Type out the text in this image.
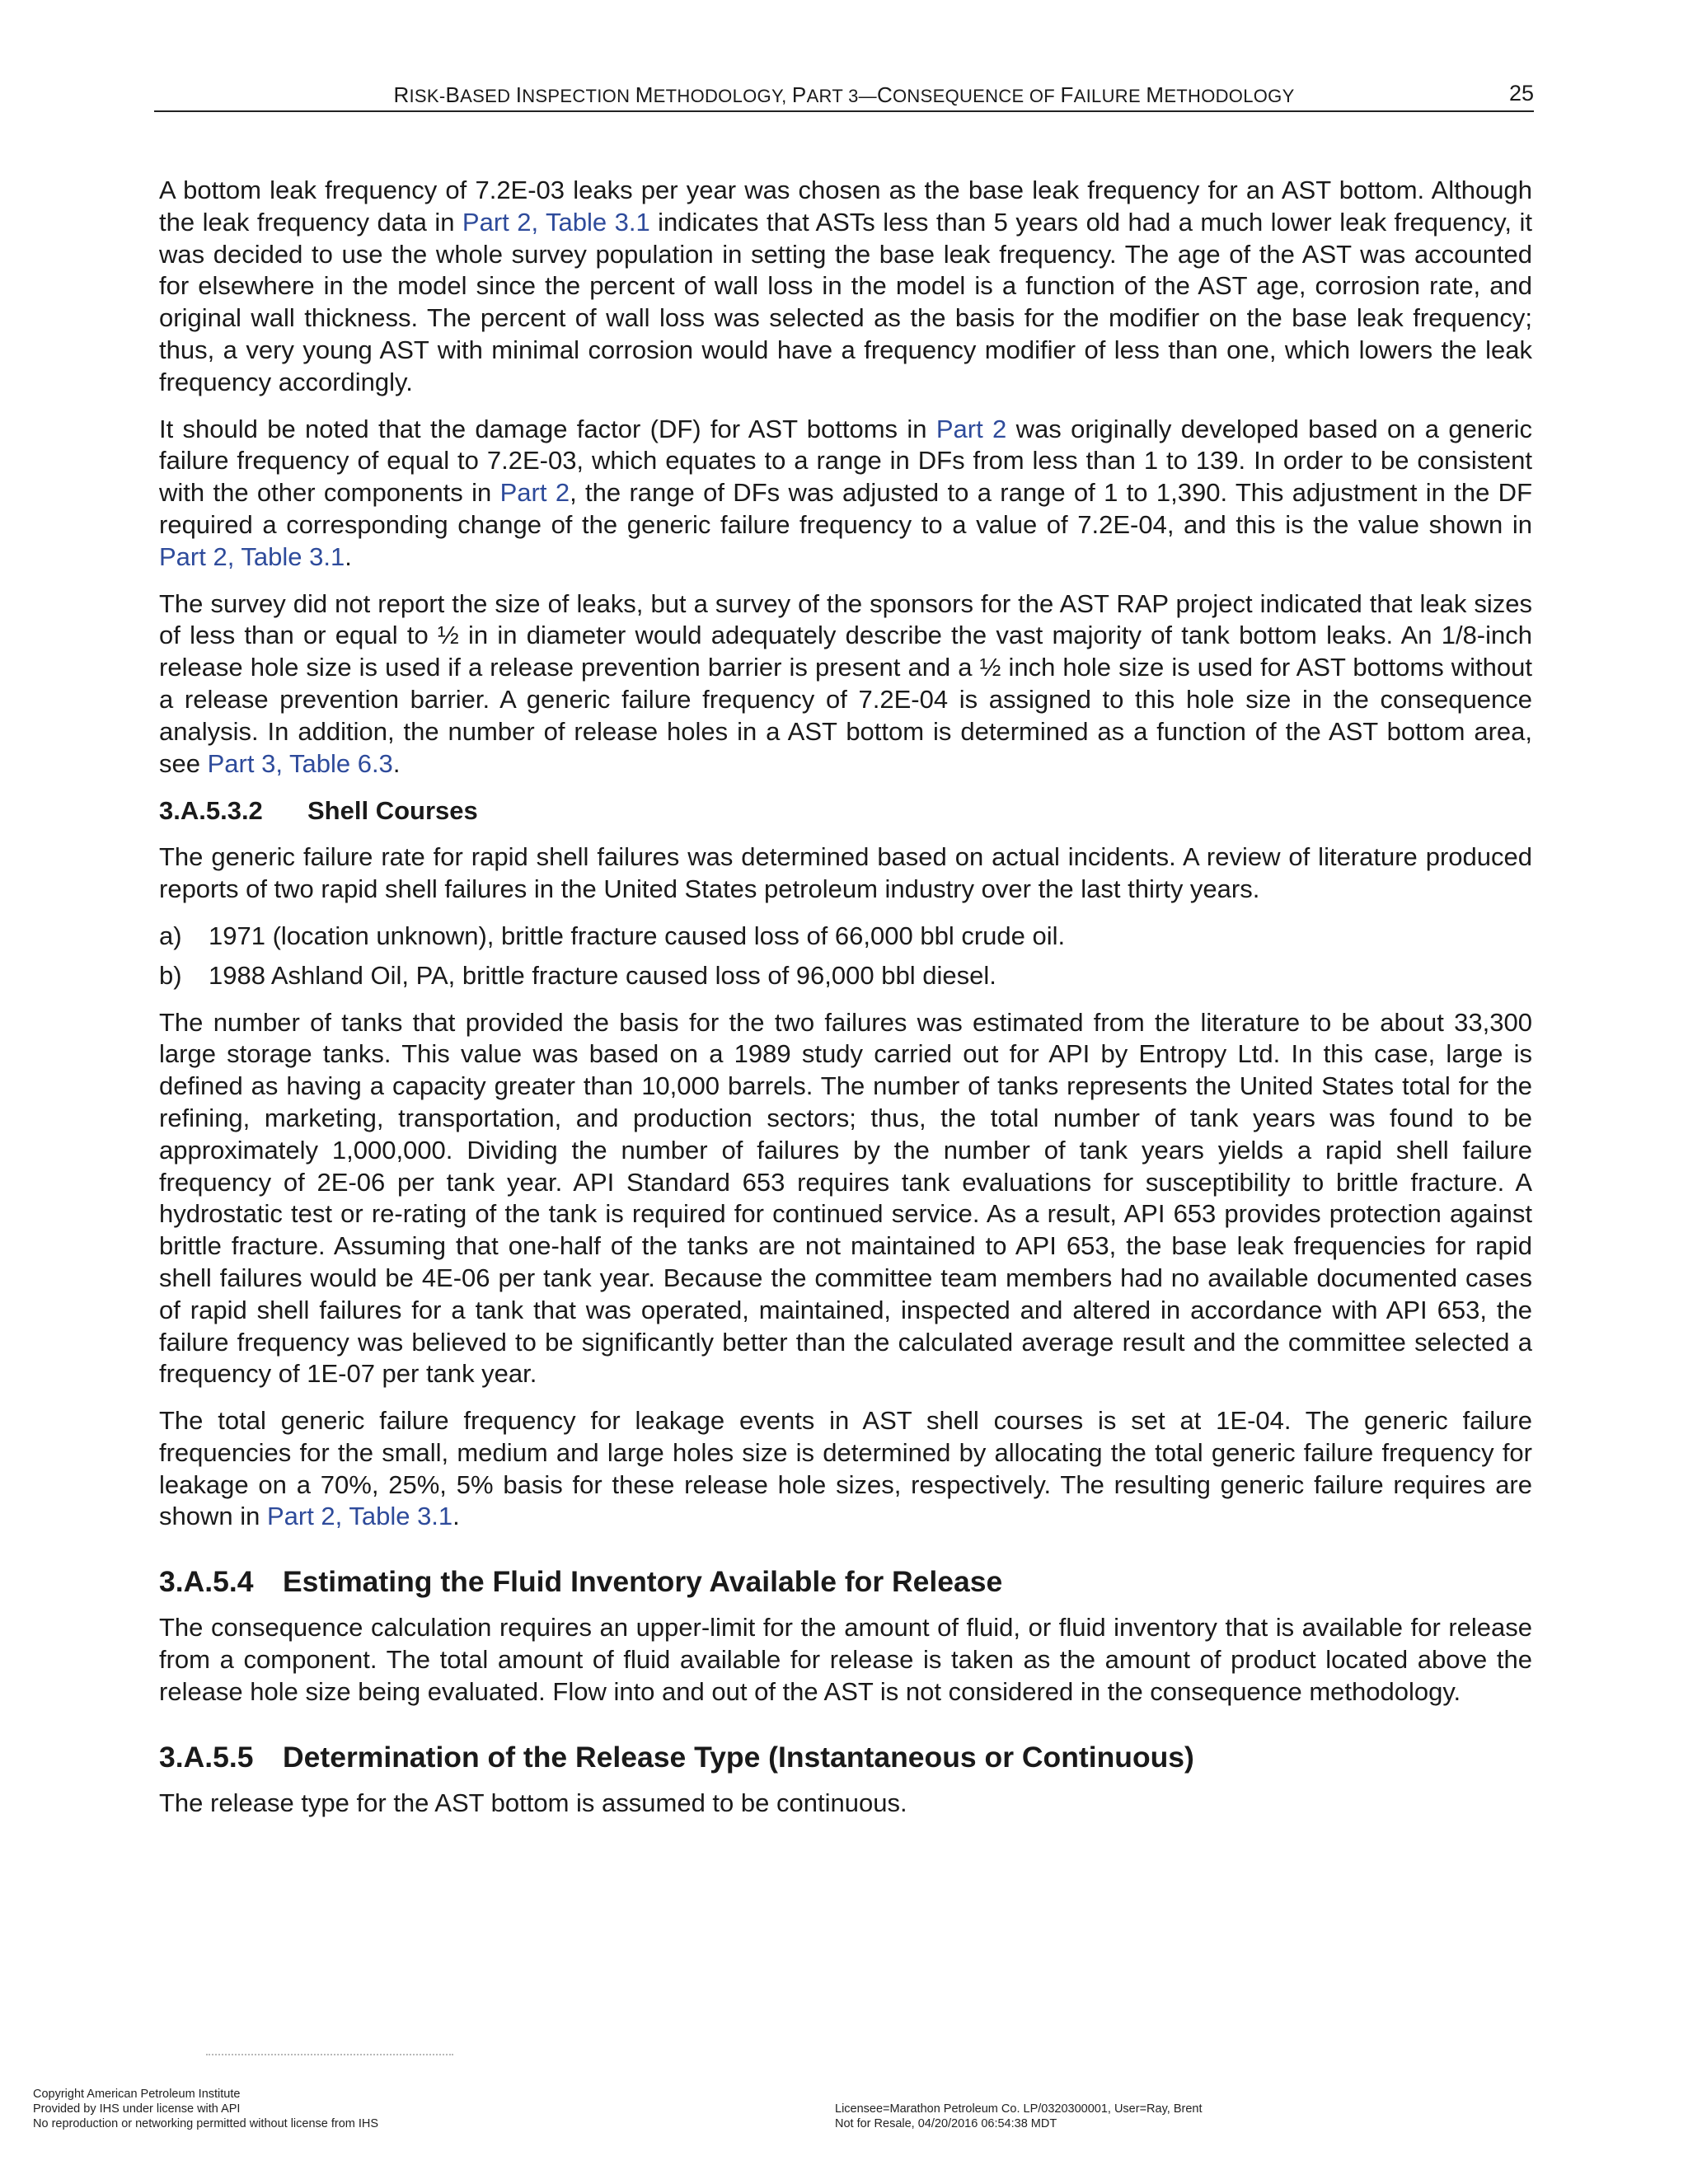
RISK-BASED INSPECTION METHODOLOGY, PART 3—CONSEQUENCE OF FAILURE METHODOLOGY	25

A bottom leak frequency of 7.2E-03 leaks per year was chosen as the base leak frequency for an AST bottom. Although the leak frequency data in Part 2, Table 3.1 indicates that ASTs less than 5 years old had a much lower leak frequency, it was decided to use the whole survey population in setting the base leak frequency. The age of the AST was accounted for elsewhere in the model since the percent of wall loss in the model is a function of the AST age, corrosion rate, and original wall thickness. The percent of wall loss was selected as the basis for the modifier on the base leak frequency; thus, a very young AST with minimal corrosion would have a frequency modifier of less than one, which lowers the leak frequency accordingly.

It should be noted that the damage factor (DF) for AST bottoms in Part 2 was originally developed based on a generic failure frequency of equal to 7.2E-03, which equates to a range in DFs from less than 1 to 139. In order to be consistent with the other components in Part 2, the range of DFs was adjusted to a range of 1 to 1,390. This adjustment in the DF required a corresponding change of the generic failure frequency to a value of 7.2E-04, and this is the value shown in Part 2, Table 3.1.

The survey did not report the size of leaks, but a survey of the sponsors for the AST RAP project indicated that leak sizes of less than or equal to ½ in in diameter would adequately describe the vast majority of tank bottom leaks. An 1/8-inch release hole size is used if a release prevention barrier is present and a ½ inch hole size is used for AST bottoms without a release prevention barrier. A generic failure frequency of 7.2E-04 is assigned to this hole size in the consequence analysis. In addition, the number of release holes in a AST bottom is determined as a function of the AST bottom area, see Part 3, Table 6.3.

3.A.5.3.2 Shell Courses

The generic failure rate for rapid shell failures was determined based on actual incidents. A review of literature produced reports of two rapid shell failures in the United States petroleum industry over the last thirty years.

a)	1971 (location unknown), brittle fracture caused loss of 66,000 bbl crude oil.
b)	1988 Ashland Oil, PA, brittle fracture caused loss of 96,000 bbl diesel.

The number of tanks that provided the basis for the two failures was estimated from the literature to be about 33,300 large storage tanks. This value was based on a 1989 study carried out for API by Entropy Ltd. In this case, large is defined as having a capacity greater than 10,000 barrels. The number of tanks represents the United States total for the refining, marketing, transportation, and production sectors; thus, the total number of tank years was found to be approximately 1,000,000. Dividing the number of failures by the number of tank years yields a rapid shell failure frequency of 2E-06 per tank year. API Standard 653 requires tank evaluations for susceptibility to brittle fracture. A hydrostatic test or re-rating of the tank is required for continued service. As a result, API 653 provides protection against brittle fracture. Assuming that one-half of the tanks are not maintained to API 653, the base leak frequencies for rapid shell failures would be 4E-06 per tank year. Because the committee team members had no available documented cases of rapid shell failures for a tank that was operated, maintained, inspected and altered in accordance with API 653, the failure frequency was believed to be significantly better than the calculated average result and the committee selected a frequency of 1E-07 per tank year.

The total generic failure frequency for leakage events in AST shell courses is set at 1E-04. The generic failure frequencies for the small, medium and large holes size is determined by allocating the total generic failure frequency for leakage on a 70%, 25%, 5% basis for these release hole sizes, respectively. The resulting generic failure requires are shown in Part 2, Table 3.1.

3.A.5.4 Estimating the Fluid Inventory Available for Release

The consequence calculation requires an upper-limit for the amount of fluid, or fluid inventory that is available for release from a component. The total amount of fluid available for release is taken as the amount of product located above the release hole size being evaluated. Flow into and out of the AST is not considered in the consequence methodology.

3.A.5.5 Determination of the Release Type (Instantaneous or Continuous)

The release type for the AST bottom is assumed to be continuous.

Copyright American Petroleum Institute
Provided by IHS under license with API
No reproduction or networking permitted without license from IHS
Licensee=Marathon Petroleum Co. LP/0320300001, User=Ray, Brent
Not for Resale, 04/20/2016 06:54:38 MDT
